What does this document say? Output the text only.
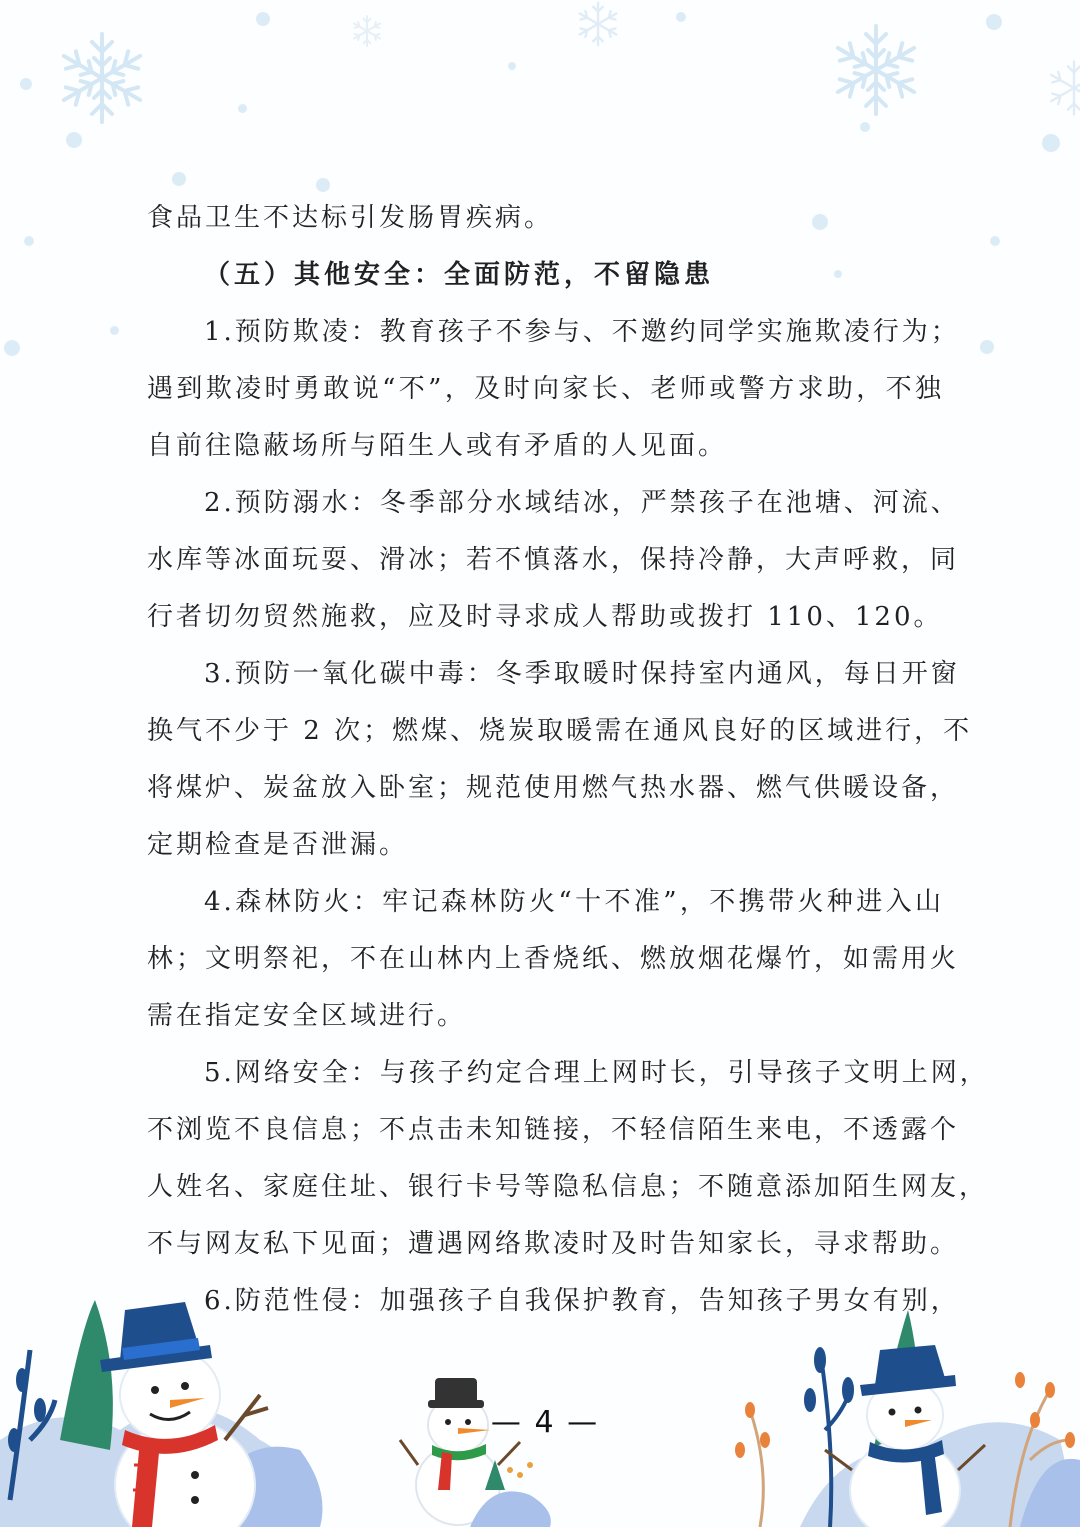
食品卫生不达标引发肠胃疾病。
（五）其他安全：全面防范，不留隐患
1.预防欺凌：教育孩子不参与、不邀约同学实施欺凌行为；
遇到欺凌时勇敢说“不”，及时向家长、老师或警方求助，不独
自前往隐蔽场所与陌生人或有矛盾的人见面。
2.预防溺水：冬季部分水域结冰，严禁孩子在池塘、河流、
水库等冰面玩耍、滑冰；若不慎落水，保持冷静，大声呼救，同
行者切勿贸然施救，应及时寻求成人帮助或拨打 110、120。
3.预防一氧化碳中毒：冬季取暖时保持室内通风，每日开窗
换气不少于 2 次；燃煤、烧炭取暖需在通风良好的区域进行，不
将煤炉、炭盆放入卧室；规范使用燃气热水器、燃气供暖设备，
定期检查是否泄漏。
4.森林防火：牢记森林防火“十不准”，不携带火种进入山
林；文明祭祀，不在山林内上香烧纸、燃放烟花爆竹，如需用火
需在指定安全区域进行。
5.网络安全：与孩子约定合理上网时长，引导孩子文明上网，
不浏览不良信息；不点击未知链接，不轻信陌生来电，不透露个
人姓名、家庭住址、银行卡号等隐私信息；不随意添加陌生网友，
不与网友私下见面；遭遇网络欺凌时及时告知家长，寻求帮助。
6.防范性侵：加强孩子自我保护教育，告知孩子男女有别，
— 4 —
